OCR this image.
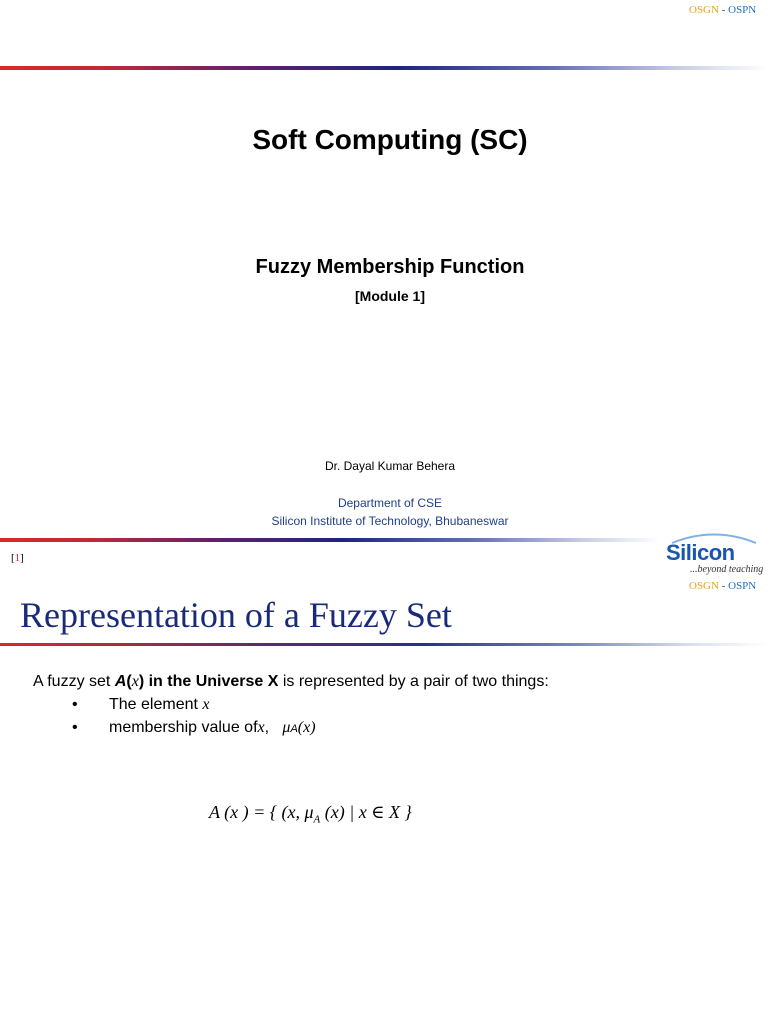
OSGN - OSPN
Soft Computing (SC)
Fuzzy Membership Function
[Module 1]
Dr. Dayal Kumar Behera
Department of CSE
Silicon Institute of Technology, Bhubaneswar
[1]	Silicon
...beyond teaching
OSGN - OSPN
Representation of a Fuzzy Set
A fuzzy set A(x) in the Universe X is represented by a pair of two things:
•	The element
x
•	membership value of x ,
μ A (x)
A (x ) = { (x, $\mu_A$ (x) | x ∈ X }
